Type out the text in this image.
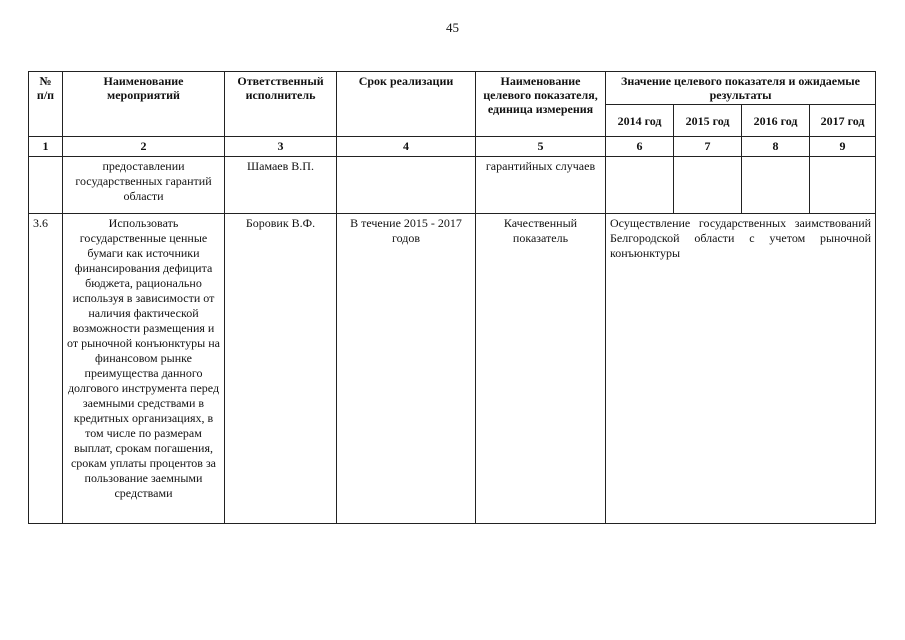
45
№ п/п	Наименование мероприятий	Ответственный исполнитель	Срок реализации	Наименование целевого показателя, единица измерения	Значение целевого показателя и ожидаемые результаты			
					2014 год	2015 год	2016 год	2017 год
1	2	3	4	5	6	7	8	9
	предоставлении государственных гарантий области	Шамаев В.П.		гарантийных случаев				
3.6	Использовать государственные ценные бумаги как источники финансирования дефицита бюджета, рационально используя в зависимости от наличия фактической возможности размещения и от рыночной конъюнктуры на финансовом рынке преимущества данного долгового инструмента перед заемными средствами в кредитных организациях, в том числе по размерам выплат, срокам погашения, срокам уплаты процентов за пользование заемными средствами	Боровик В.Ф.	В течение 2015 - 2017 годов	Качественный показатель	Осуществление государственных заимствований Белгородской области с учетом рыночной конъюнктуры			
